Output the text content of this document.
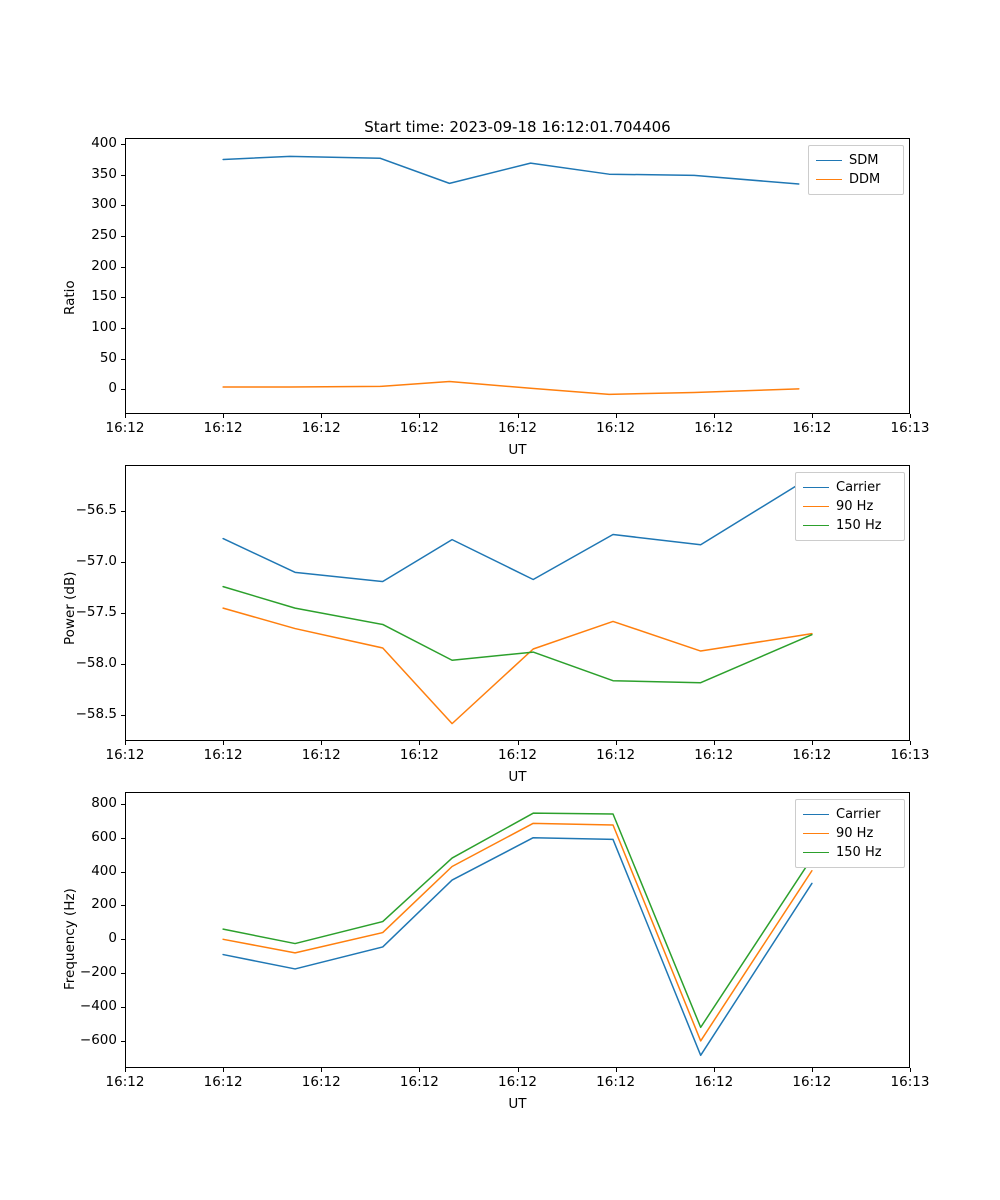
Start time: 2023-09-18 16:12:01.704406
Ratio
UT
0
50
100
150
200
250
300
350
400
16:12	16:12	16:12	16:12	16:12	16:12	16:12	16:12	16:13
SDM
DDM
Power (dB)
UT
−58.5
−58.0
−57.5
−57.0
−56.5
16:12	16:12	16:12	16:12	16:12	16:12	16:12	16:12	16:13
Carrier
90 Hz
150 Hz
Frequency (Hz)
UT
−600
−400
−200
0
200
400
600
800
16:12	16:12	16:12	16:12	16:12	16:12	16:12	16:12	16:13
Carrier
90 Hz
150 Hz
